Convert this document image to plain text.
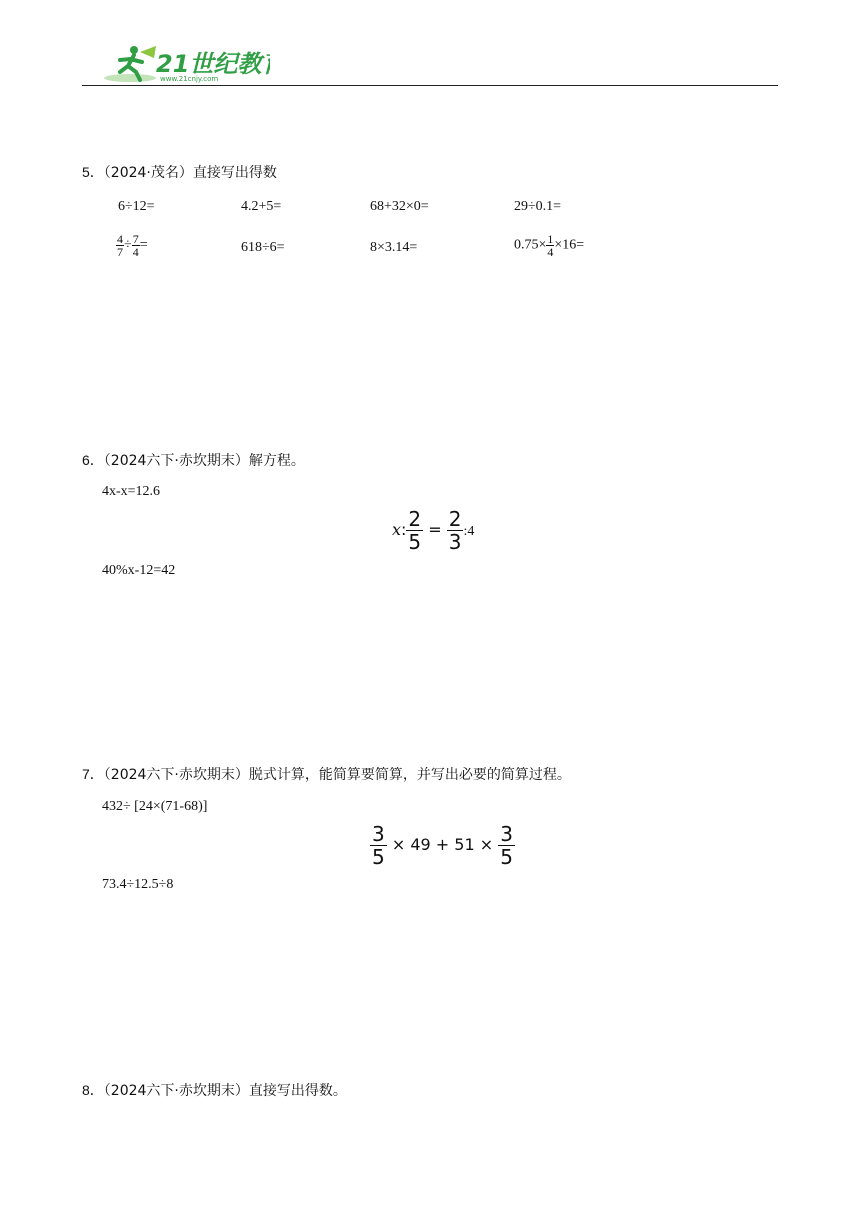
21世纪教
www.21cnjy.com
5．（2024·茂名）直接写出得数
6÷12=	4.2+5=	68+32×0=	29÷0.1=
$\frac{4}{7} \div \frac{7}{4}$ =	618÷6=	8×3.14=	$0.75\times \frac{1}{4} \times 16=$
6．（2024六下·赤坎期末）解方程。
4x-x=12.6
x: $\frac{2}{5} = \frac{2}{3}$ :4
40%x-12=42
7．（2024六下·赤坎期末）脱式计算，能简算要简算，并写出必要的简算过程。
432÷ [24×(71-68)]
$\frac{3}{5} \times 49 + 51 \times \frac{3}{5}$
73.4÷12.5÷8
8．（2024六下·赤坎期末）直接写出得数。
